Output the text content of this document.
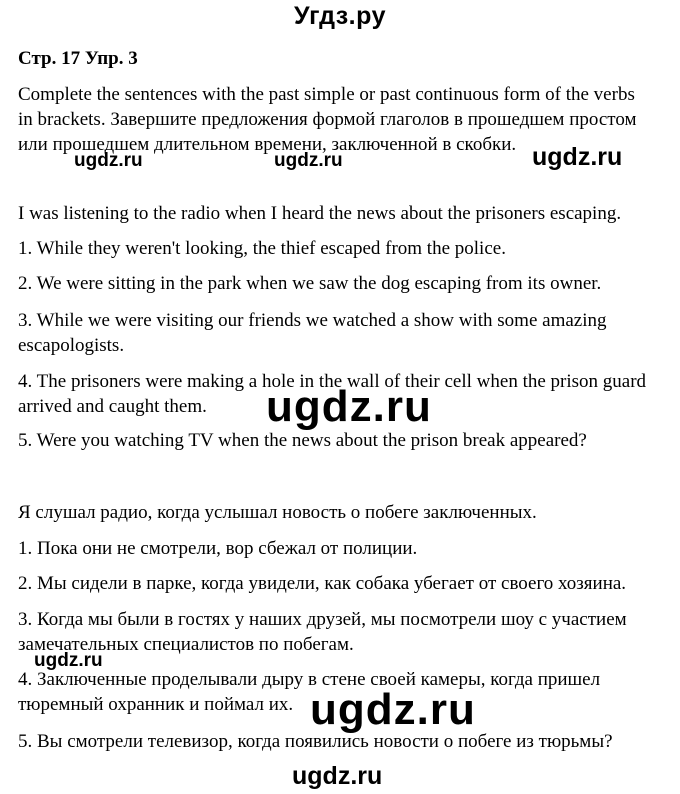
Угдз.ру
Стр. 17 Упр. 3
Complete the sentences with the past simple or past continuous form of the verbs
in brackets. Завершите предложения формой глаголов в прошедшем простом
или прошедшем длительном времени, заключенной в скобки.
I was listening to the radio when I heard the news about the prisoners escaping.
1. While they weren't looking, the thief escaped from the police.
2. We were sitting in the park when we saw the dog escaping from its owner.
3. While we were visiting our friends we watched a show with some amazing
escapologists.
4. The prisoners were making a hole in the wall of their cell when the prison guard
arrived and caught them.
5. Were you watching TV when the news about the prison break appeared?
Я слушал радио, когда услышал новость о побеге заключенных.
1. Пока они не смотрели, вор сбежал от полиции.
2. Мы сидели в парке, когда увидели, как собака убегает от своего хозяина.
3. Когда мы были в гостях у наших друзей, мы посмотрели шоу с участием
замечательных специалистов по побегам.
4. Заключенные проделывали дыру в стене своей камеры, когда пришел
тюремный охранник и поймал их.
5. Вы смотрели телевизор, когда появились новости о побеге из тюрьмы?
ugdz.ru	ugdz.ru	ugdz.ru
ugdz.ru
ugdz.ru
ugdz.ru
ugdz.ru
